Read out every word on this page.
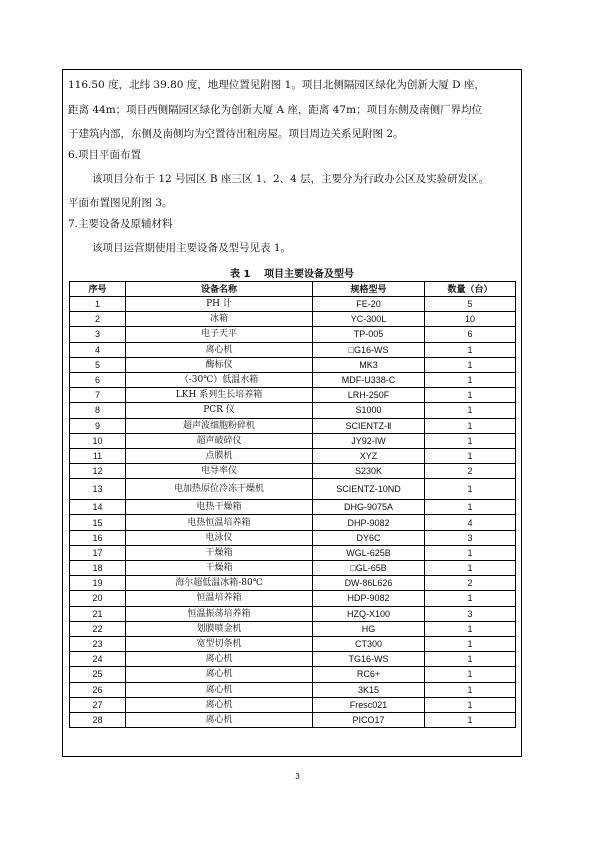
116.50 度，北纬 39.80 度，地理位置见附图 1。项目北侧隔园区绿化为创新大厦 D 座，
距离 44m；项目西侧隔园区绿化为创新大厦 A 座，距离 47m；项目东侧及南侧厂界均位
于建筑内部，东侧及南侧均为空置待出租房屋。项目周边关系见附图 2。
6.项目平面布置
该项目分布于 12 号园区 B 座三区 1、2、4 层，主要分为行政办公区及实验研发区。
平面布置图见附图 3。
7.主要设备及原辅材料
该项目运营期使用主要设备及型号见表 1。
表 1　 项目主要设备及型号
序号	设备名称	规格型号	数量（台）
1	PH 计	FE-20	5
2	冰箱	YC-300L	10
3	电子天平	TP-005	6
4	离心机	□G16-WS	1
5	酶标仪	MK3	1
6	（-30℃）低温水箱	MDF-U338-C	1
7	LKH 系列生长培养箱	LRH-250F	1
8	PCR 仪	S1000	1
9	超声波细胞粉碎机	SCIENTZ-Ⅱ	1
10	超声破碎仪	JY92-IW	1
11	点膜机	XYZ	1
12	电导率仪	S230K	2
13	电加热原位冷冻干燥机	SCIENTZ-10ND	1
14	电热干燥箱	DHG-9075A	1
15	电热恒温培养箱	DHP-9082	4
16	电泳仪	DY6C	3
17	干燥箱	WGL-625B	1
18	干燥箱	□GL-65B	1
19	海尔超低温冰箱-80℃	DW-86L626	2
20	恒温培养箱	HDP-9082	1
21	恒温振荡培养箱	HZQ-X100	3
22	划膜喷金机	HG	1
23	宽型切条机	CT300	1
24	离心机	TG16-WS	1
25	离心机	RC6+	1
26	离心机	3K15	1
27	离心机	Fresc021	1
28	离心机	PICO17	1
3
